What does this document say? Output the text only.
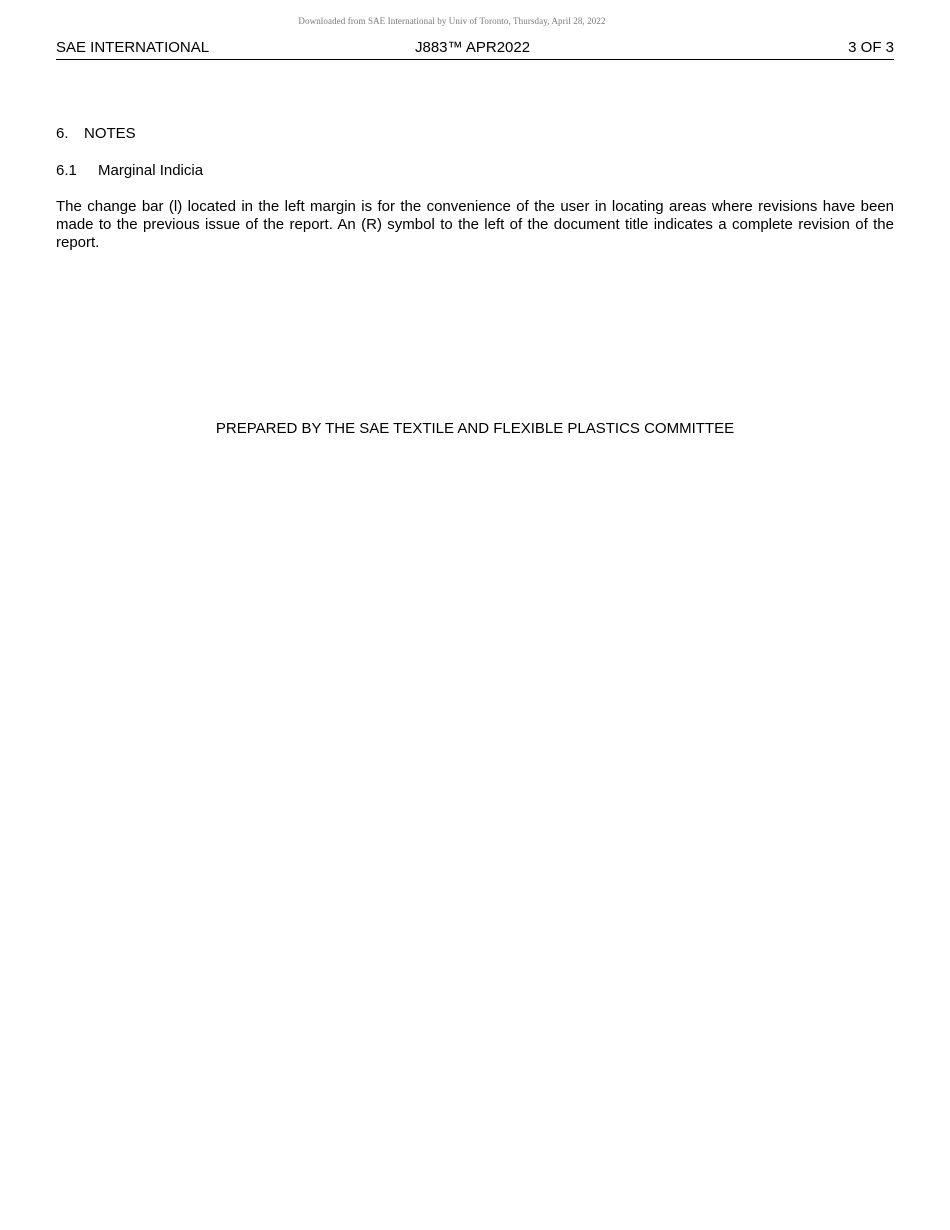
Downloaded from SAE International by Univ of Toronto, Thursday, April 28, 2022
SAE INTERNATIONAL	J883™ APR2022	3 OF 3
6. NOTES
6.1 Marginal Indicia

The change bar (l) located in the left margin is for the convenience of the user in locating areas where revisions have been made to the previous issue of the report. An (R) symbol to the left of the document title indicates a complete revision of the report.

PREPARED BY THE SAE TEXTILE AND FLEXIBLE PLASTICS COMMITTEE
